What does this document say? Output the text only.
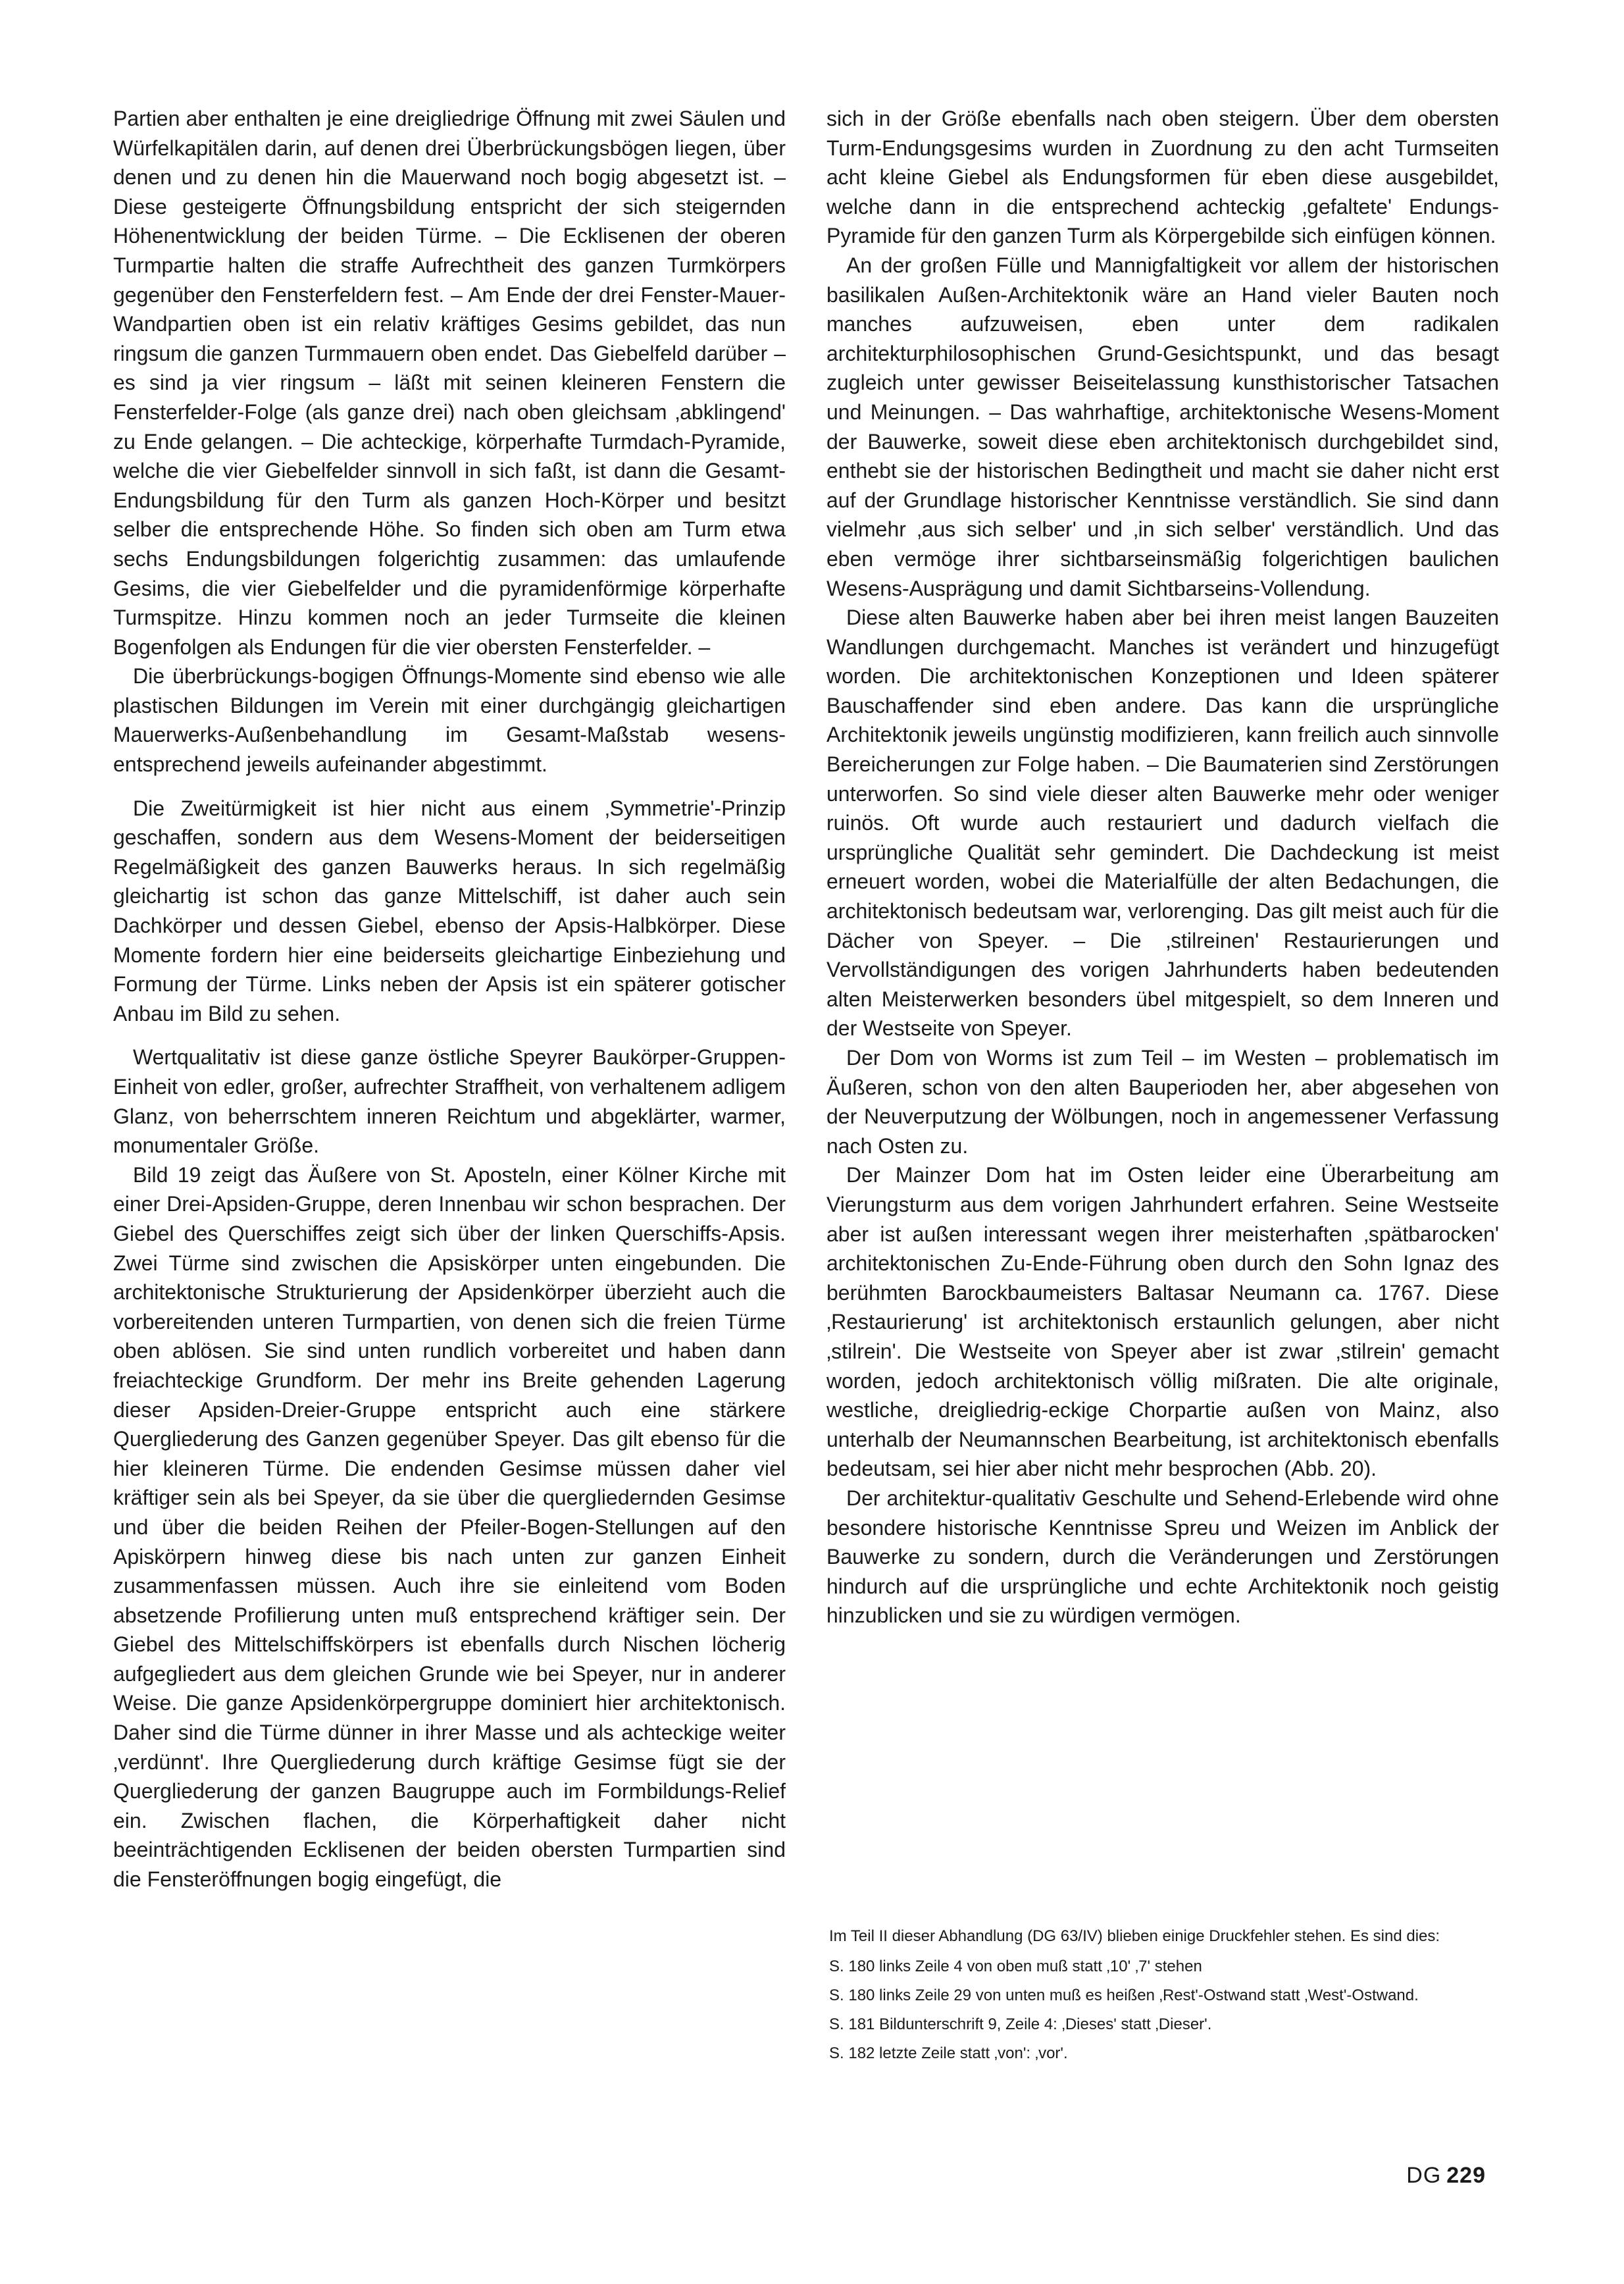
Partien aber enthalten je eine dreigliedrige Öffnung mit zwei Säulen und Würfelkapitälen darin, auf denen drei Überbrückungsbögen liegen, über denen und zu denen hin die Mauerwand noch bogig abgesetzt ist. – Diese gesteigerte Öffnungsbildung entspricht der sich steigernden Höhenentwicklung der beiden Türme. – Die Ecklisenen der oberen Turmpartie halten die straffe Aufrechtheit des ganzen Turmkörpers gegenüber den Fensterfeldern fest. – Am Ende der drei Fenster-Mauer-Wandpartien oben ist ein relativ kräftiges Gesims gebildet, das nun ringsum die ganzen Turmmauern oben endet. Das Giebelfeld darüber – es sind ja vier ringsum – läßt mit seinen kleineren Fenstern die Fensterfelder-Folge (als ganze drei) nach oben gleichsam ‚abklingend' zu Ende gelangen. – Die achteckige, körperhafte Turmdach-Pyramide, welche die vier Giebelfelder sinnvoll in sich faßt, ist dann die Gesamt-Endungsbildung für den Turm als ganzen Hoch-Körper und besitzt selber die entsprechende Höhe. So finden sich oben am Turm etwa sechs Endungsbildungen folgerichtig zusammen: das umlaufende Gesims, die vier Giebelfelder und die pyramidenförmige körperhafte Turmspitze. Hinzu kommen noch an jeder Turmseite die kleinen Bogenfolgen als Endungen für die vier obersten Fensterfelder. –

Die überbrückungs-bogigen Öffnungs-Momente sind ebenso wie alle plastischen Bildungen im Verein mit einer durchgängig gleichartigen Mauerwerks-Außenbehandlung im Gesamt-Maßstab wesens-entsprechend jeweils aufeinander abgestimmt.

Die Zweitürmigkeit ist hier nicht aus einem ‚Symmetrie'-Prinzip geschaffen, sondern aus dem Wesens-Moment der beiderseitigen Regelmäßigkeit des ganzen Bauwerks heraus. In sich regelmäßig gleichartig ist schon das ganze Mittelschiff, ist daher auch sein Dachkörper und dessen Giebel, ebenso der Apsis-Halbkörper. Diese Momente fordern hier eine beiderseits gleichartige Einbeziehung und Formung der Türme. Links neben der Apsis ist ein späterer gotischer Anbau im Bild zu sehen.

Wertqualitativ ist diese ganze östliche Speyrer Baukörper-Gruppen-Einheit von edler, großer, aufrechter Straffheit, von verhaltenem adligem Glanz, von beherrschtem inneren Reichtum und abgeklärter, warmer, monumentaler Größe.

Bild 19 zeigt das Äußere von St. Aposteln, einer Kölner Kirche mit einer Drei-Apsiden-Gruppe, deren Innenbau wir schon besprachen. Der Giebel des Querschiffes zeigt sich über der linken Querschiffs-Apsis. Zwei Türme sind zwischen die Apsiskörper unten eingebunden. Die architektonische Strukturierung der Apsidenkörper überzieht auch die vorbereitenden unteren Turmpartien, von denen sich die freien Türme oben ablösen. Sie sind unten rundlich vorbereitet und haben dann freiachteckige Grundform. Der mehr ins Breite gehenden Lagerung dieser Apsiden-Dreier-Gruppe entspricht auch eine stärkere Quergliederung des Ganzen gegenüber Speyer. Das gilt ebenso für die hier kleineren Türme. Die endenden Gesimse müssen daher viel kräftiger sein als bei Speyer, da sie über die quergliedernden Gesimse und über die beiden Reihen der Pfeiler-Bogen-Stellungen auf den Apiskörpern hinweg diese bis nach unten zur ganzen Einheit zusammenfassen müssen. Auch ihre sie einleitend vom Boden absetzende Profilierung unten muß entsprechend kräftiger sein. Der Giebel des Mittelschiffskörpers ist ebenfalls durch Nischen löcherig aufgegliedert aus dem gleichen Grunde wie bei Speyer, nur in anderer Weise. Die ganze Apsidenkörpergruppe dominiert hier architektonisch. Daher sind die Türme dünner in ihrer Masse und als achteckige weiter ‚verdünnt'. Ihre Quergliederung durch kräftige Gesimse fügt sie der Quergliederung der ganzen Baugruppe auch im Formbildungs-Relief ein. Zwischen flachen, die Körperhaftigkeit daher nicht beeinträchtigenden Ecklisenen der beiden obersten Turmpartien sind die Fensteröffnungen bogig eingefügt, die

sich in der Größe ebenfalls nach oben steigern. Über dem obersten Turm-Endungsgesims wurden in Zuordnung zu den acht Turmseiten acht kleine Giebel als Endungsformen für eben diese ausgebildet, welche dann in die entsprechend achteckig ‚gefaltete' Endungs-Pyramide für den ganzen Turm als Körpergebilde sich einfügen können.

An der großen Fülle und Mannigfaltigkeit vor allem der historischen basilikalen Außen-Architektonik wäre an Hand vieler Bauten noch manches aufzuweisen, eben unter dem radikalen architekturphilosophischen Grund-Gesichtspunkt, und das besagt zugleich unter gewisser Beiseitelassung kunsthistorischer Tatsachen und Meinungen. – Das wahrhaftige, architektonische Wesens-Moment der Bauwerke, soweit diese eben architektonisch durchgebildet sind, enthebt sie der historischen Bedingtheit und macht sie daher nicht erst auf der Grundlage historischer Kenntnisse verständlich. Sie sind dann vielmehr ‚aus sich selber' und ‚in sich selber' verständlich. Und das eben vermöge ihrer sichtbarseinsmäßig folgerichtigen baulichen Wesens-Ausprägung und damit Sichtbarseins-Vollendung.

Diese alten Bauwerke haben aber bei ihren meist langen Bauzeiten Wandlungen durchgemacht. Manches ist verändert und hinzugefügt worden. Die architektonischen Konzeptionen und Ideen späterer Bauschaffender sind eben andere. Das kann die ursprüngliche Architektonik jeweils ungünstig modifizieren, kann freilich auch sinnvolle Bereicherungen zur Folge haben. – Die Baumaterien sind Zerstörungen unterworfen. So sind viele dieser alten Bauwerke mehr oder weniger ruinös. Oft wurde auch restauriert und dadurch vielfach die ursprüngliche Qualität sehr gemindert. Die Dachdeckung ist meist erneuert worden, wobei die Materialfülle der alten Bedachungen, die architektonisch bedeutsam war, verlorenging. Das gilt meist auch für die Dächer von Speyer. – Die ‚stilreinen' Restaurierungen und Vervollständigungen des vorigen Jahrhunderts haben bedeutenden alten Meisterwerken besonders übel mitgespielt, so dem Inneren und der Westseite von Speyer.

Der Dom von Worms ist zum Teil – im Westen – problematisch im Äußeren, schon von den alten Bauperioden her, aber abgesehen von der Neuverputzung der Wölbungen, noch in angemessener Verfassung nach Osten zu.

Der Mainzer Dom hat im Osten leider eine Überarbeitung am Vierungsturm aus dem vorigen Jahrhundert erfahren. Seine Westseite aber ist außen interessant wegen ihrer meisterhaften ‚spätbarocken' architektonischen Zu-Ende-Führung oben durch den Sohn Ignaz des berühmten Barockbaumeisters Baltasar Neumann ca. 1767. Diese ‚Restaurierung' ist architektonisch erstaunlich gelungen, aber nicht ‚stilrein'. Die Westseite von Speyer aber ist zwar ‚stilrein' gemacht worden, jedoch architektonisch völlig mißraten. Die alte originale, westliche, dreigliedrig-eckige Chorpartie außen von Mainz, also unterhalb der Neumannschen Bearbeitung, ist architektonisch ebenfalls bedeutsam, sei hier aber nicht mehr besprochen (Abb. 20).

Der architektur-qualitativ Geschulte und Sehend-Erlebende wird ohne besondere historische Kenntnisse Spreu und Weizen im Anblick der Bauwerke zu sondern, durch die Veränderungen und Zerstörungen hindurch auf die ursprüngliche und echte Architektonik noch geistig hinzublicken und sie zu würdigen vermögen.

Im Teil II dieser Abhandlung (DG 63/IV) blieben einige Druckfehler stehen. Es sind dies:

S. 180 links Zeile 4 von oben muß statt ‚10' ‚7' stehen

S. 180 links Zeile 29 von unten muß es heißen ‚Rest'-Ostwand statt ‚West'-Ostwand.

S. 181 Bildunterschrift 9, Zeile 4: ‚Dieses' statt ‚Dieser'.

S. 182 letzte Zeile statt ‚von': ‚vor'.

DG 229
